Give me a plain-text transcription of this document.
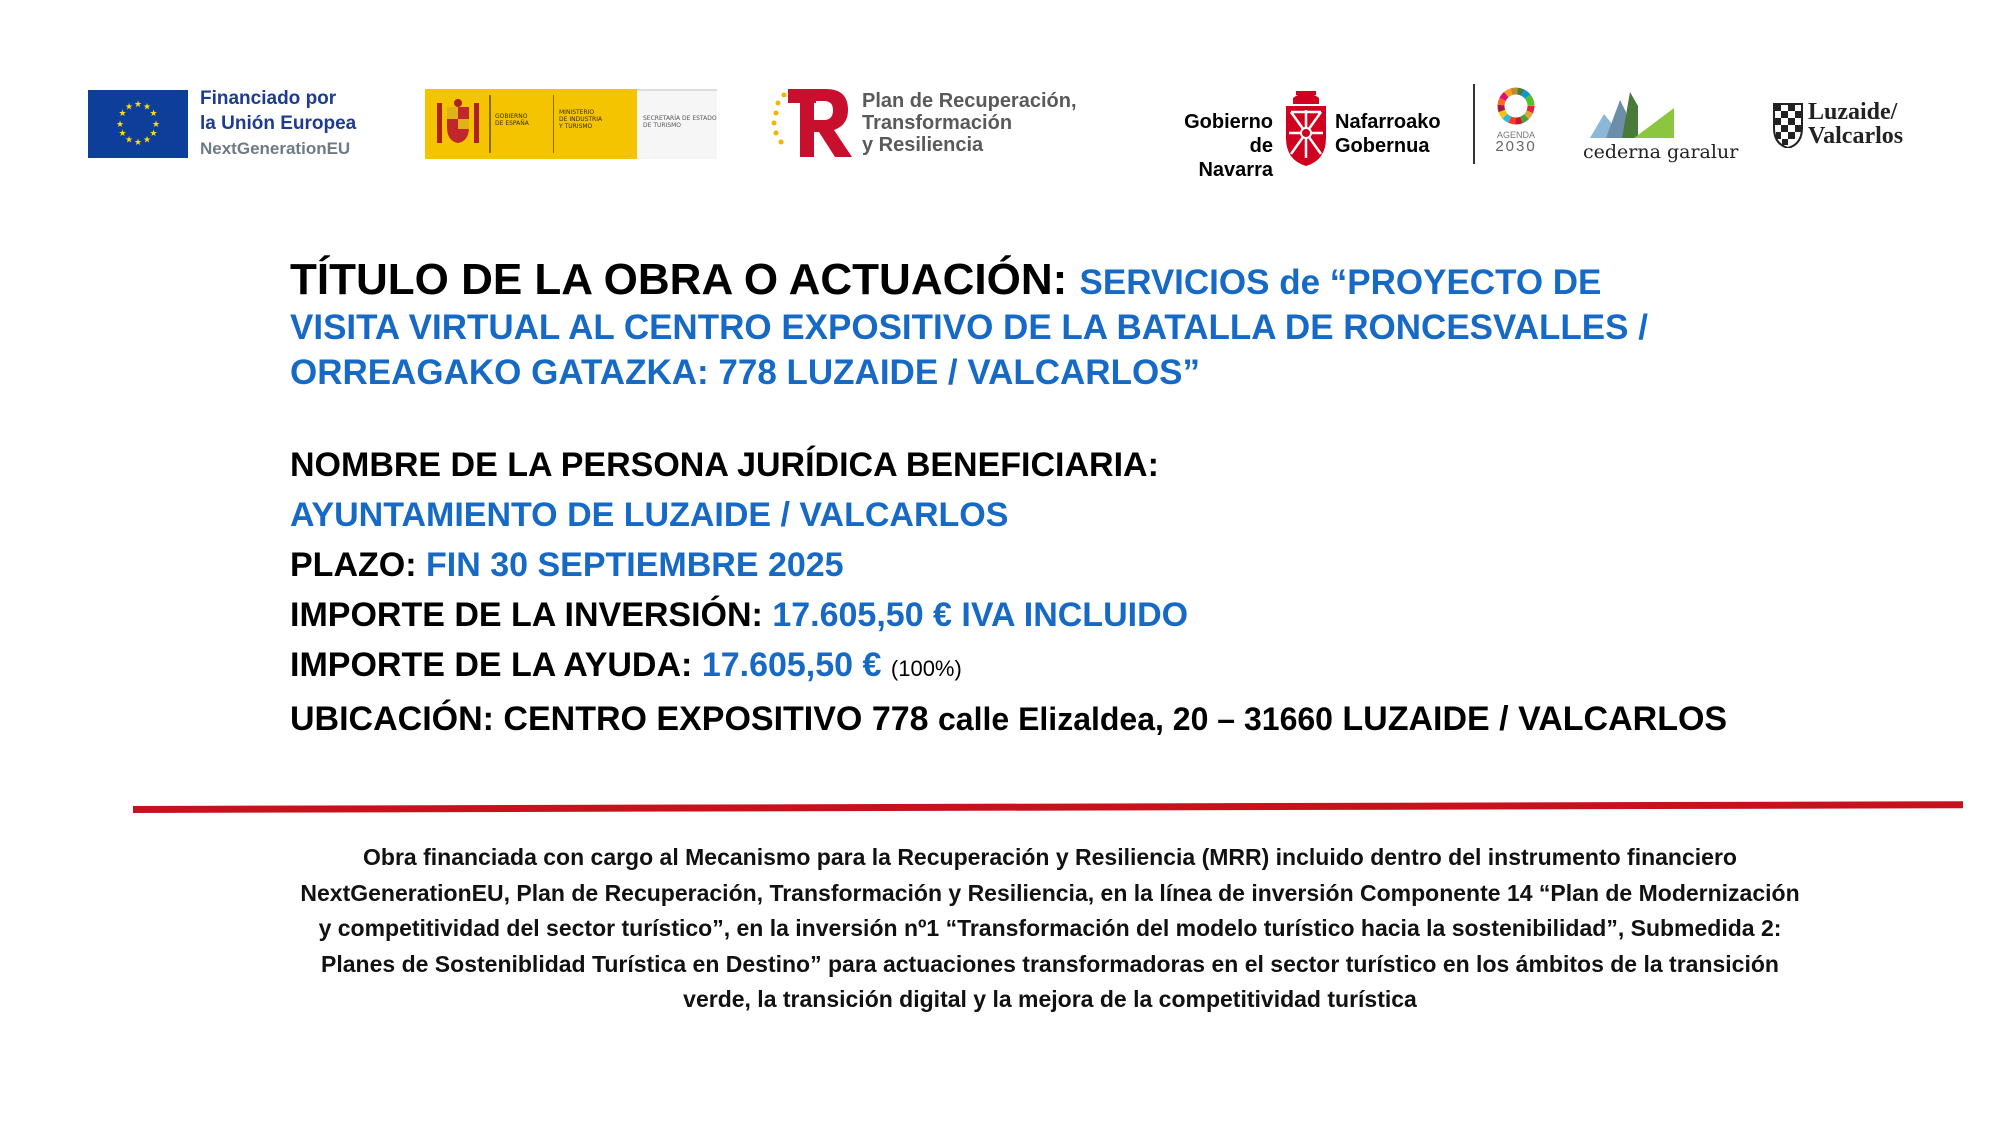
★ ★
★
★
★
★
★
★
★
★
★
★	Financiado por
la Unión Europea
NextGenerationEU
GOBIERNO
DE ESPAÑA
MINISTERIO
DE INDUSTRIA
Y TURISMO
SECRETARÍA DE ESTADO
DE TURISMO
Plan de Recuperación,
Transformación
y Resiliencia
Gobierno
de Navarra
Nafarroako
Gobernua	AGENDA
2030	cederna garalur
Luzaide/
Valcarlos
TÍTULO DE LA OBRA O ACTUACIÓN: SERVICIOS de “PROYECTO DE
VISITA VIRTUAL AL CENTRO EXPOSITIVO DE LA BATALLA DE RONCESVALLES /
ORREAGAKO GATAZKA: 778 LUZAIDE / VALCARLOS”
NOMBRE DE LA PERSONA JURÍDICA BENEFICIARIA:
AYUNTAMIENTO DE LUZAIDE / VALCARLOS
PLAZO: FIN 30 SEPTIEMBRE 2025
IMPORTE DE LA INVERSIÓN: 17.605,50 € IVA INCLUIDO
IMPORTE DE LA AYUDA: 17.605,50 € (100%)
UBICACIÓN: CENTRO EXPOSITIVO 778 calle Elizaldea, 20 – 31660 LUZAIDE / VALCARLOS
Obra financiada con cargo al Mecanismo para la Recuperación y Resiliencia (MRR) incluido dentro del instrumento financiero
NextGenerationEU, Plan de Recuperación, Transformación y Resiliencia, en la línea de inversión Componente 14 “Plan de Modernización
y competitividad del sector turístico”, en la inversión nº1 “Transformación del modelo turístico hacia la sostenibilidad”, Submedida 2:
Planes de Sosteniblidad Turística en Destino” para actuaciones transformadoras en el sector turístico en los ámbitos de la transición
verde, la transición digital y la mejora de la competitividad turística
